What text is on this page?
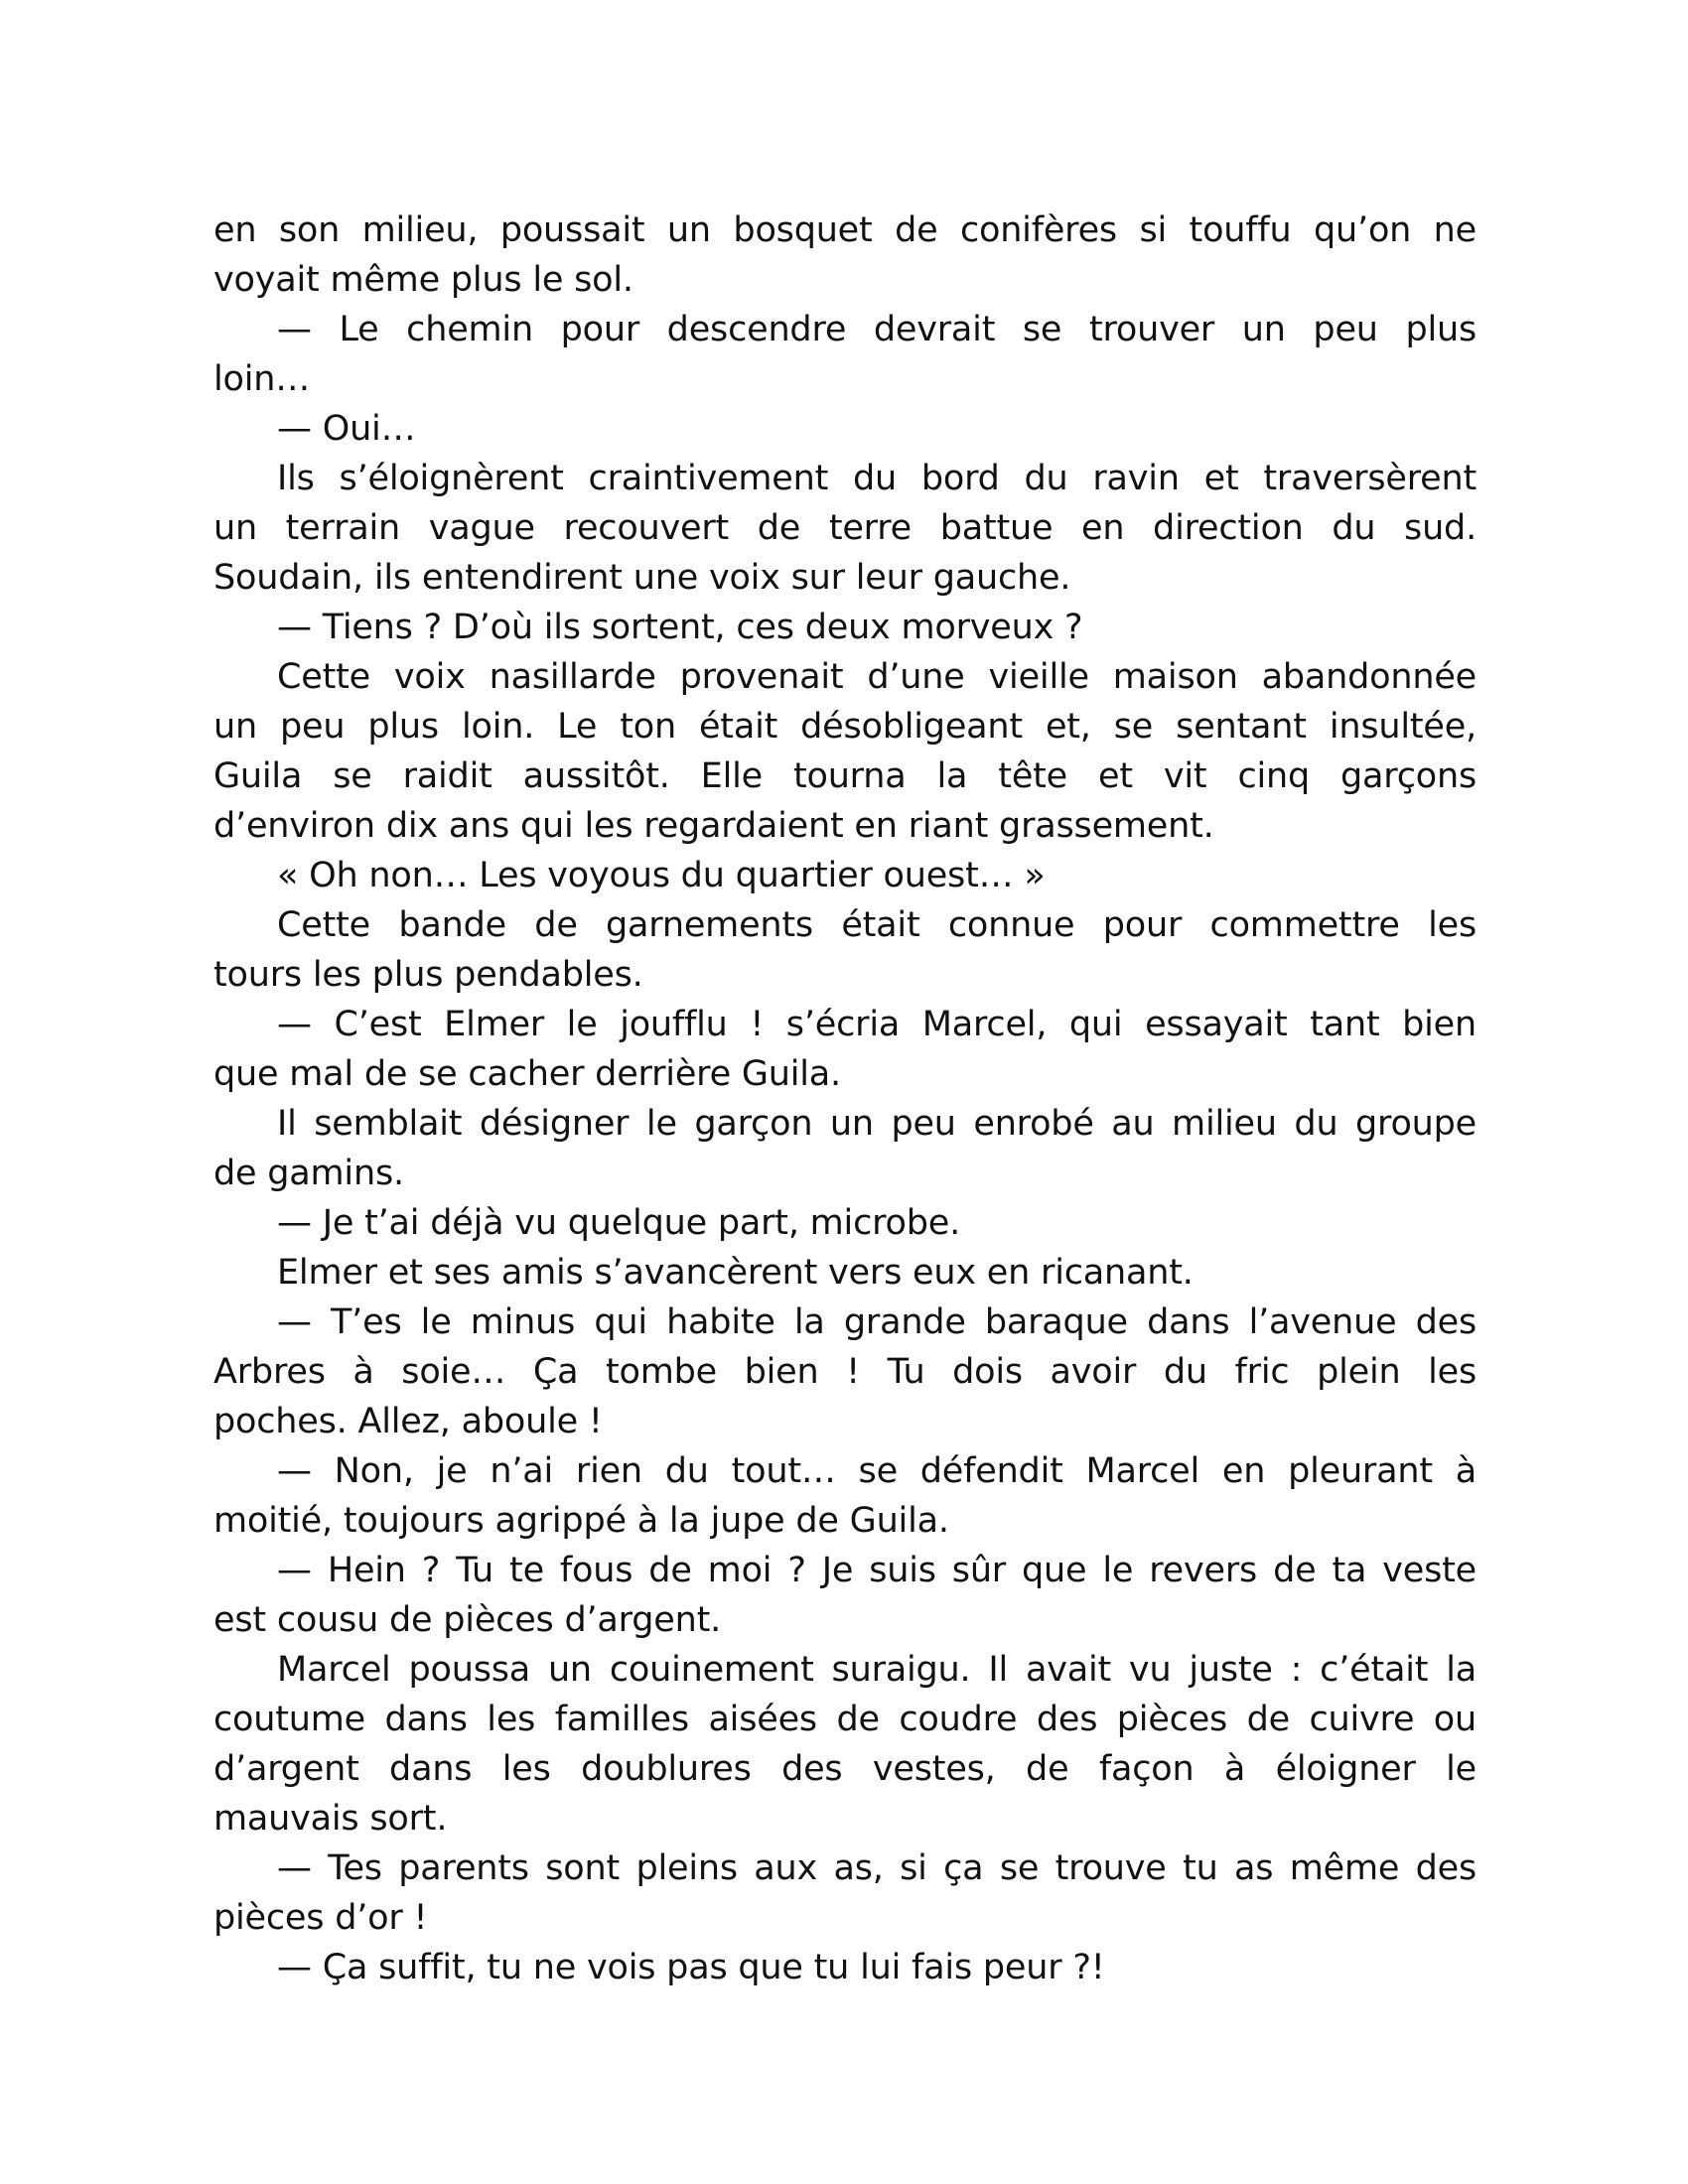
en son milieu, poussait un bosquet de conifères si touffu qu’on ne
voyait même plus le sol.
— Le chemin pour descendre devrait se trouver un peu plus
loin…
— Oui…
Ils s’éloignèrent craintivement du bord du ravin et traversèrent
un terrain vague recouvert de terre battue en direction du sud.
Soudain, ils entendirent une voix sur leur gauche.
— Tiens ? D’où ils sortent, ces deux morveux ?
Cette voix nasillarde provenait d’une vieille maison abandonnée
un peu plus loin. Le ton était désobligeant et, se sentant insultée,
Guila se raidit aussitôt. Elle tourna la tête et vit cinq garçons
d’environ dix ans qui les regardaient en riant grassement.
« Oh non… Les voyous du quartier ouest… »
Cette bande de garnements était connue pour commettre les
tours les plus pendables.
— C’est Elmer le joufflu ! s’écria Marcel, qui essayait tant bien
que mal de se cacher derrière Guila.
Il semblait désigner le garçon un peu enrobé au milieu du groupe
de gamins.
— Je t’ai déjà vu quelque part, microbe.
Elmer et ses amis s’avancèrent vers eux en ricanant.
— T’es le minus qui habite la grande baraque dans l’avenue des
Arbres à soie… Ça tombe bien ! Tu dois avoir du fric plein les
poches. Allez, aboule !
— Non, je n’ai rien du tout… se défendit Marcel en pleurant à
moitié, toujours agrippé à la jupe de Guila.
— Hein ? Tu te fous de moi ? Je suis sûr que le revers de ta veste
est cousu de pièces d’argent.
Marcel poussa un couinement suraigu. Il avait vu juste : c’était la
coutume dans les familles aisées de coudre des pièces de cuivre ou
d’argent dans les doublures des vestes, de façon à éloigner le
mauvais sort.
— Tes parents sont pleins aux as, si ça se trouve tu as même des
pièces d’or !
— Ça suffit, tu ne vois pas que tu lui fais peur ?!
